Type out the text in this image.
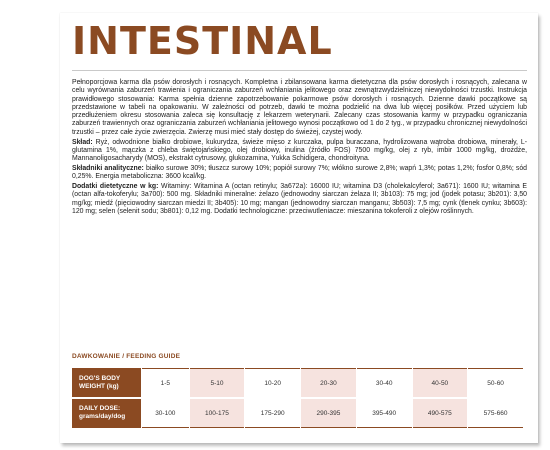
INTESTINAL

Pełnoporcjowa karma dla psów dorosłych i rosnących. Kompletna i zbilansowana karma dietetyczna dla psów dorosłych i rosnących, zalecana w celu wyrównania zaburzeń trawienia i ograniczania zaburzeń wchłaniania jelitowego oraz zewnątrzwydzielniczej niewydolności trzustki. Instrukcja prawidłowego stosowania: Karma spełnia dzienne zapotrzebowanie pokarmowe psów dorosłych i rosnących. Dzienne dawki początkowe są przedstawione w tabeli na opakowaniu. W zależności od potrzeb, dawki te można podzielić na dwa lub więcej posiłków. Przed użyciem lub przedłużeniem okresu stosowania zaleca się konsultację z lekarzem weterynarii. Zalecany czas stosowania karmy w przypadku ograniczania zaburzeń trawiennych oraz ograniczania zaburzeń wchłaniania jelitowego wynosi początkowo od 1 do 2 tyg., w przypadku chronicznej niewydolności trzustki – przez całe życie zwierzęcia. Zwierzę musi mieć stały dostęp do świeżej, czystej wody.

Skład: Ryż, odwodnione białko drobiowe, kukurydza, świeże mięso z kurczaka, pulpa buraczana, hydrolizowana wątroba drobiowa, minerały, L-glutamina 1%, mączka z chleba świętojańskiego, olej drobiowy, inulina (źródło FOS) 7500 mg/kg, olej z ryb, imbir 1000 mg/kg, drożdże, Mannanoligosacharydy (MOS), ekstrakt cytrusowy, glukozamina, Yukka Schidigera, chondroityna.

Składniki analityczne: białko surowe 30%; tłuszcz surowy 10%; popiół surowy 7%; włókno surowe 2,8%; wapń 1,3%; potas 1,2%; fosfor 0,8%; sód 0,25%. Energia metaboliczna: 3600 kcal/kg.

Dodatki dietetyczne w kg: Witaminy: Witamina A (octan retinylu; 3a672a): 16000 IU; witamina D3 (cholekalcyferol; 3a671): 1600 IU; witamina E (octan alfa-tokoferylu; 3a700): 500 mg. Składniki mineralne: żelazo (jednowodny siarczan żelaza II; 3b103): 75 mg; jod (jodek potasu; 3b201): 3,50 mg/kg; miedź (pięciowodny siarczan miedzi II; 3b405): 10 mg; mangan (jednowodny siarczan manganu; 3b503): 7,5 mg; cynk (tlenek cynku; 3b603): 120 mg; selen (selenit sodu; 3b801): 0,12 mg. Dodatki technologiczne: przeciwutleniacze: mieszanina tokoferoli z olejów roślinnych.

DAWKOWANIE / FEEDING GUIDE
DOG'S BODY WEIGHT (kg)	1-5	5-10	10-20	20-30	30-40	40-50	50-60
DAILY DOSE: grams/day/dog	30-100	100-175	175-290	290-395	395-490	490-575	575-660
